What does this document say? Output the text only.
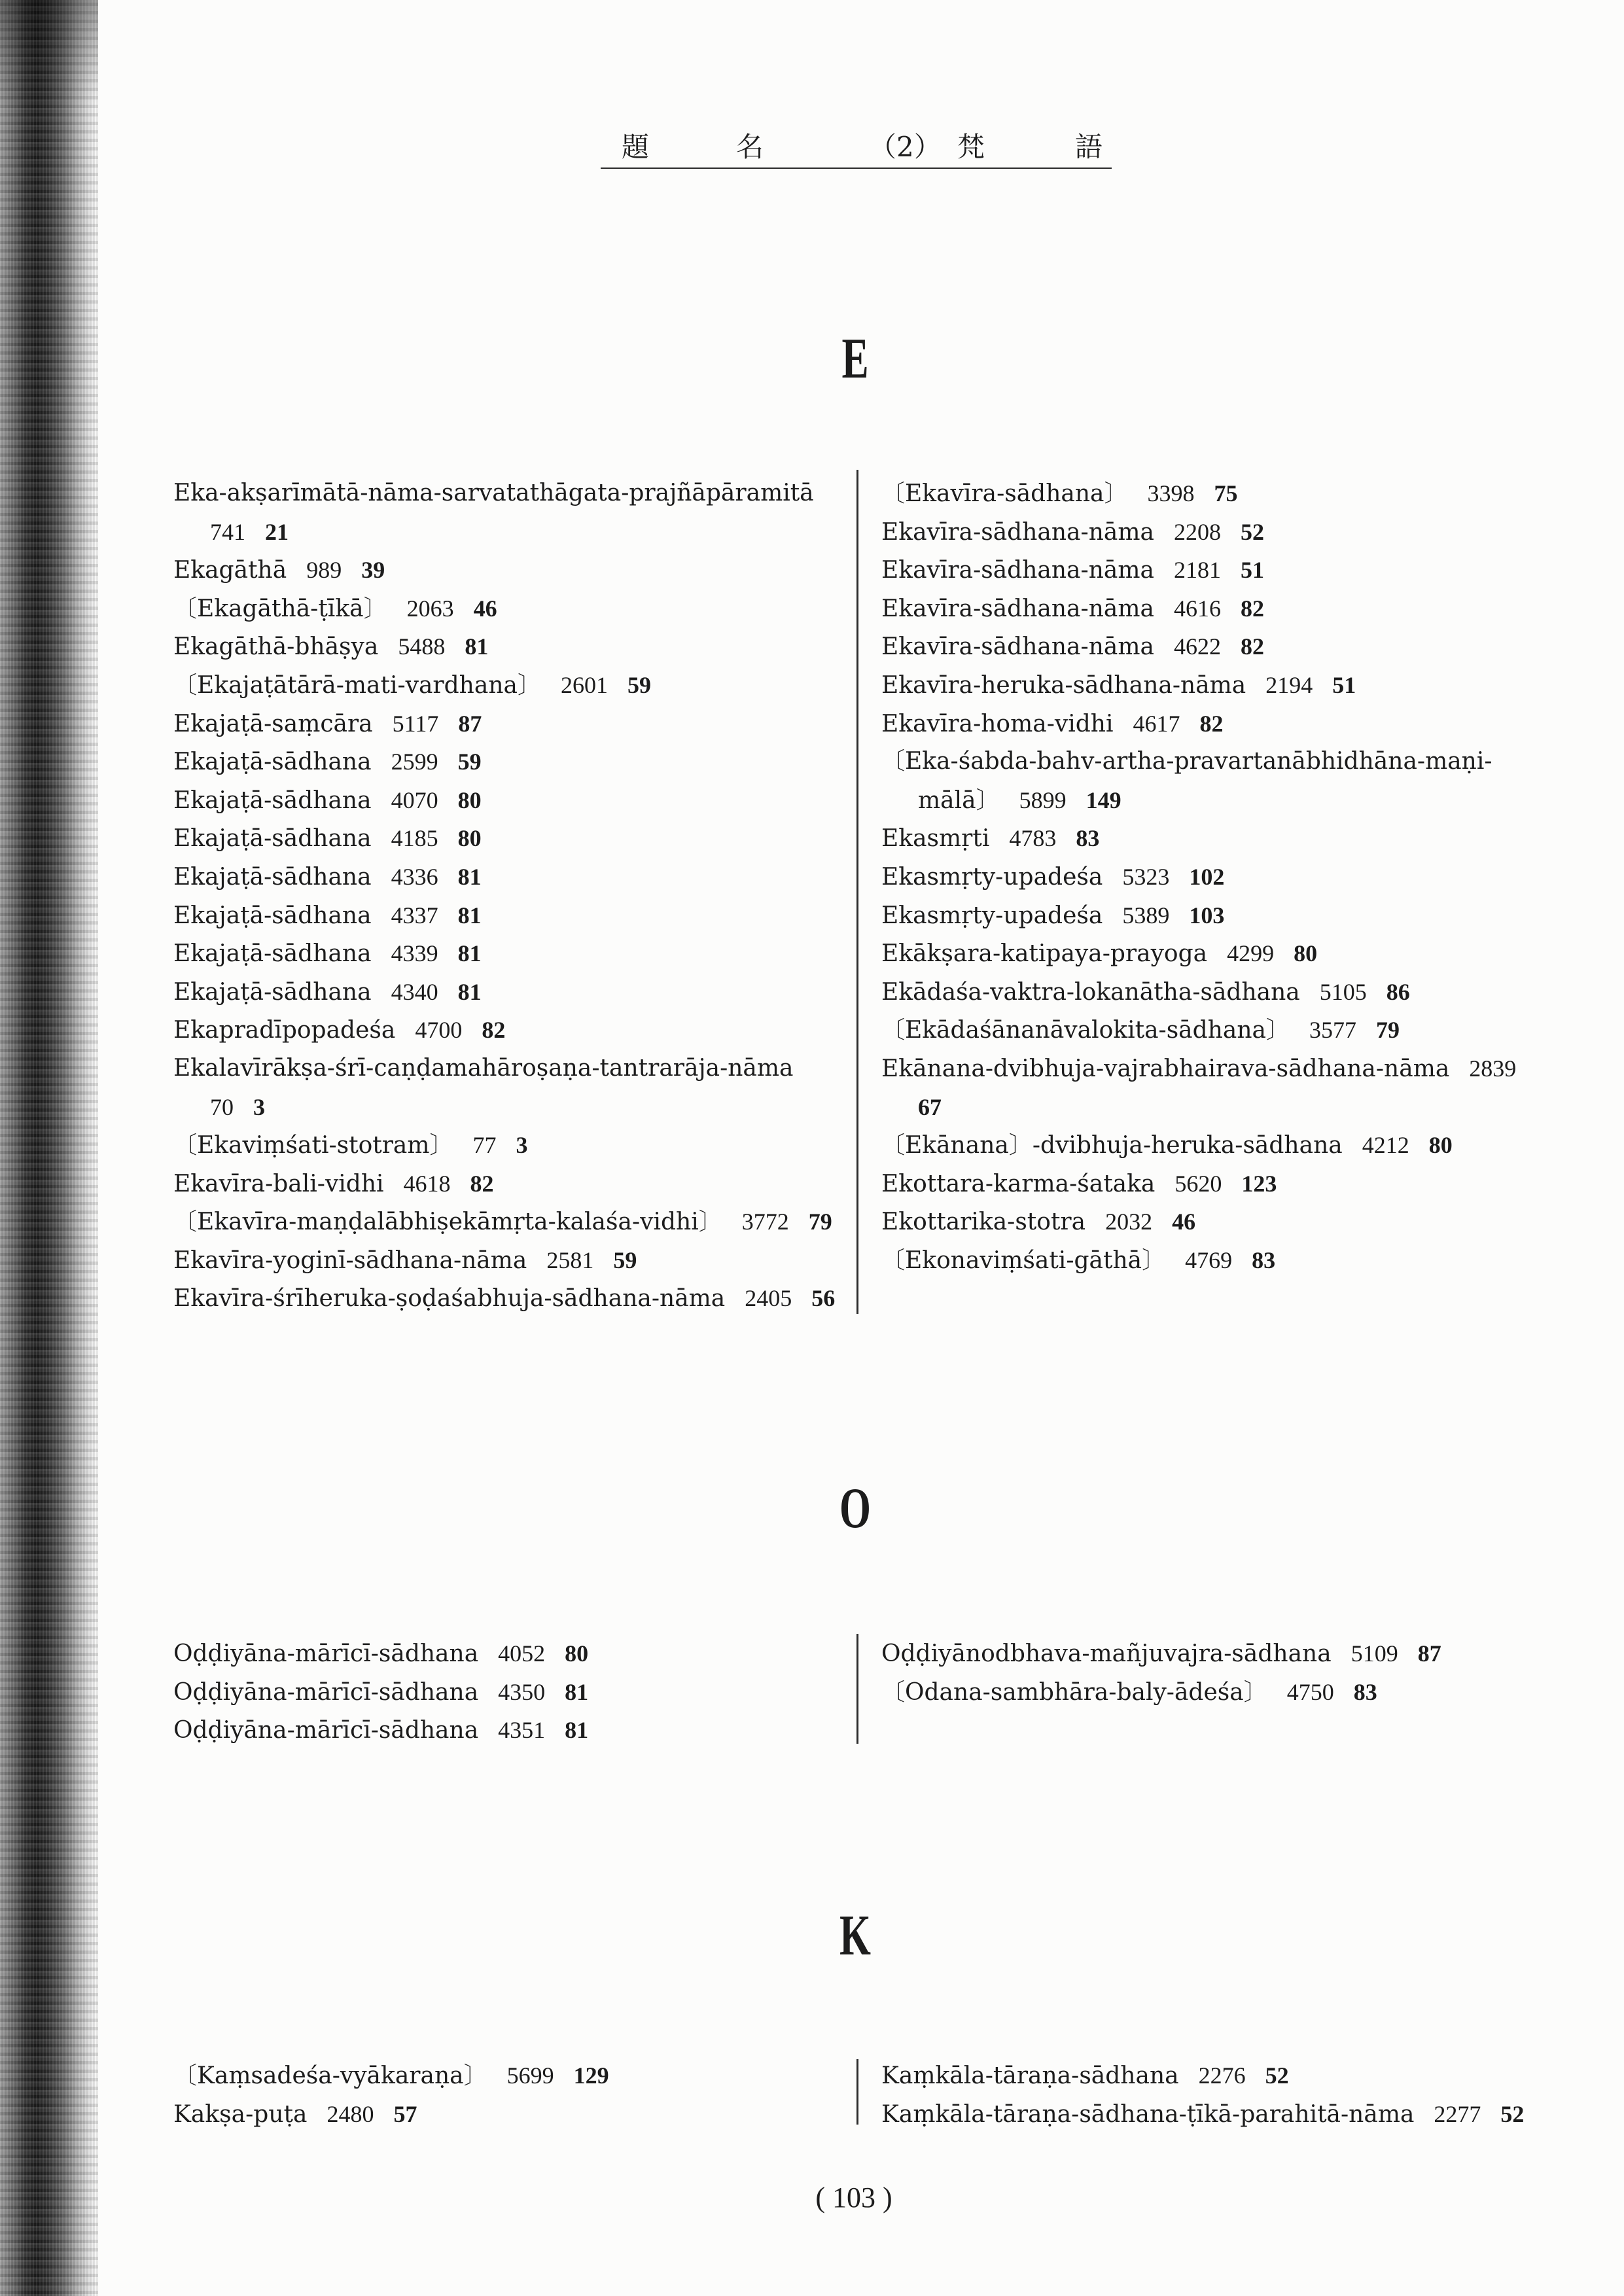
題	名	（2） 梵	語
E
Eka-akṣarīmātā-nāma-sarvatathāgata-prajñāpāramitā
741 21
Ekagāthā 989 39
〔Ekagāthā-ṭīkā〕 2063 46
Ekagāthā-bhāṣya 5488 81
〔Ekajaṭātārā-mati-vardhana〕 2601 59
Ekajaṭā-saṃcāra 5117 87
Ekajaṭā-sādhana 2599 59
Ekajaṭā-sādhana 4070 80
Ekajaṭā-sādhana 4185 80
Ekajaṭā-sādhana 4336 81
Ekajaṭā-sādhana 4337 81
Ekajaṭā-sādhana 4339 81
Ekajaṭā-sādhana 4340 81
Ekapradīpopadeśa 4700 82
Ekalavīrākṣa-śrī-caṇḍamahāroṣaṇa-tantrarāja-nāma
70 3
〔Ekaviṃśati-stotram〕 77 3
Ekavīra-bali-vidhi 4618 82
〔Ekavīra-maṇḍalābhiṣekāmṛta-kalaśa-vidhi〕 3772 79
Ekavīra-yoginī-sādhana-nāma 2581 59
Ekavīra-śrīheruka-ṣoḍaśabhuja-sādhana-nāma 2405 56
〔Ekavīra-sādhana〕 3398 75
Ekavīra-sādhana-nāma 2208 52
Ekavīra-sādhana-nāma 2181 51
Ekavīra-sādhana-nāma 4616 82
Ekavīra-sādhana-nāma 4622 82
Ekavīra-heruka-sādhana-nāma 2194 51
Ekavīra-homa-vidhi 4617 82
〔Eka-śabda-bahv-artha-pravartanābhidhāna-maṇi-
mālā〕 5899 149
Ekasmṛti 4783 83
Ekasmṛty-upadeśa 5323 102
Ekasmṛty-upadeśa 5389 103
Ekākṣara-katipaya-prayoga 4299 80
Ekādaśa-vaktra-lokanātha-sādhana 5105 86
〔Ekādaśānanāvalokita-sādhana〕 3577 79
Ekānana-dvibhuja-vajrabhairava-sādhana-nāma 2839
67
〔Ekānana〕-dvibhuja-heruka-sādhana 4212 80
Ekottara-karma-śataka 5620 123
Ekottarika-stotra 2032 46
〔Ekonaviṃśati-gāthā〕 4769 83
O
Oḍḍiyāna-mārīcī-sādhana 4052 80
Oḍḍiyāna-mārīcī-sādhana 4350 81
Oḍḍiyāna-mārīcī-sādhana 4351 81
Oḍḍiyānodbhava-mañjuvajra-sādhana 5109 87
〔Odana-sambhāra-baly-ādeśa〕 4750 83
K
〔Kaṃsadeśa-vyākaraṇa〕 5699 129
Kakṣa-puṭa 2480 57
Kaṃkāla-tāraṇa-sādhana 2276 52
Kaṃkāla-tāraṇa-sādhana-ṭīkā-parahitā-nāma 2277 52
( 103 )
